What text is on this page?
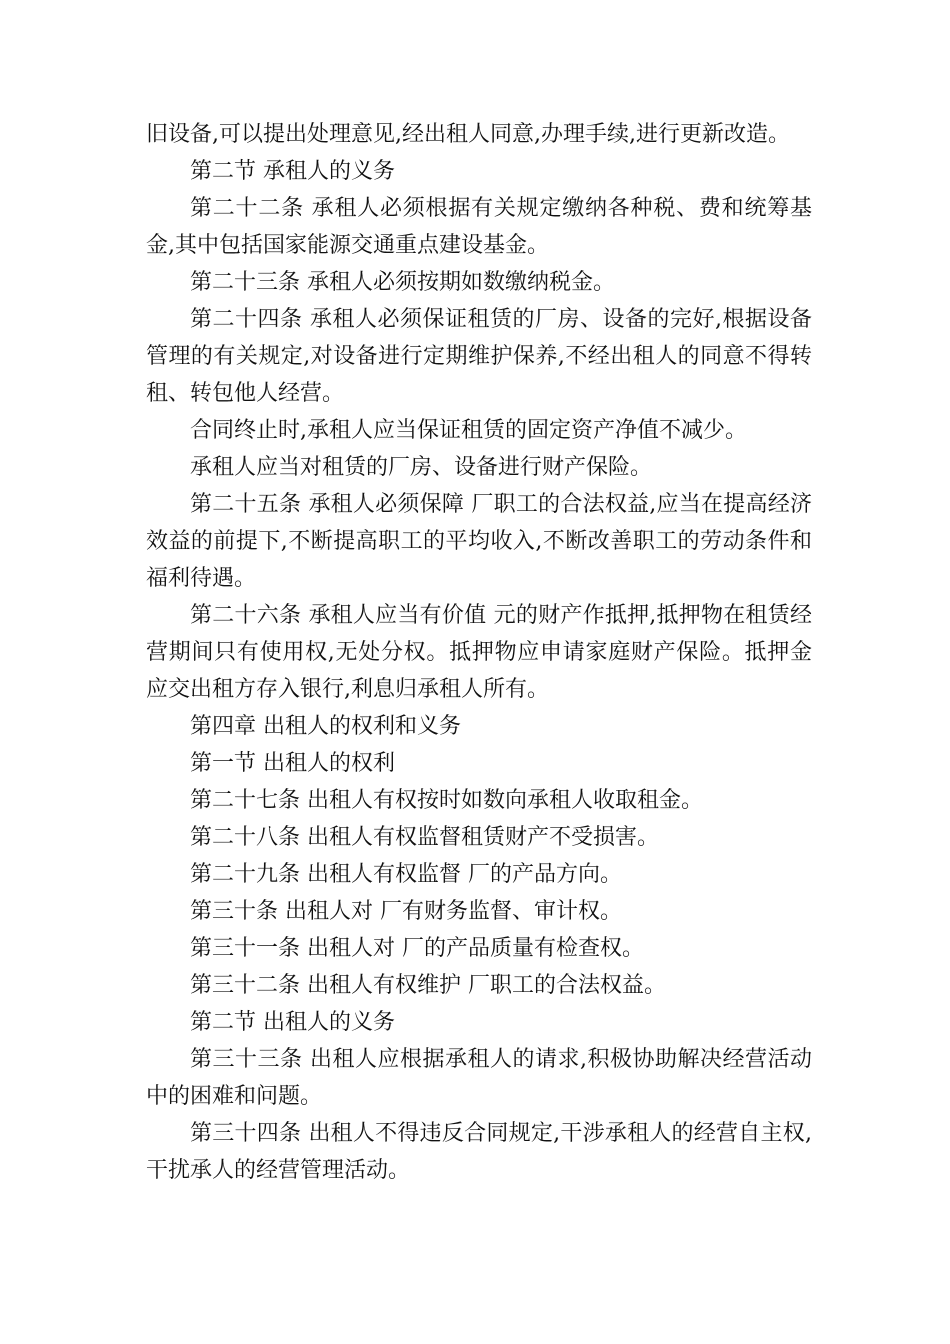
旧设备,可以提出处理意见,经出租人同意,办理手续,进行更新改造。

第二节 承租人的义务

第二十二条 承租人必须根据有关规定缴纳各种税、费和统筹基金,其中包括国家能源交通重点建设基金。

第二十三条 承租人必须按期如数缴纳税金。

第二十四条 承租人必须保证租赁的厂房、设备的完好,根据设备管理的有关规定,对设备进行定期维护保养,不经出租人的同意不得转租、转包他人经营。

合同终止时,承租人应当保证租赁的固定资产净值不减少。

承租人应当对租赁的厂房、设备进行财产保险。

第二十五条 承租人必须保障 厂职工的合法权益,应当在提高经济效益的前提下,不断提高职工的平均收入,不断改善职工的劳动条件和福利待遇。

第二十六条 承租人应当有价值 元的财产作抵押,抵押物在租赁经营期间只有使用权,无处分权。抵押物应申请家庭财产保险。抵押金应交出租方存入银行,利息归承租人所有。

第四章 出租人的权利和义务

第一节 出租人的权利

第二十七条 出租人有权按时如数向承租人收取租金。

第二十八条 出租人有权监督租赁财产不受损害。

第二十九条 出租人有权监督 厂的产品方向。

第三十条 出租人对 厂有财务监督、审计权。

第三十一条 出租人对 厂的产品质量有检查权。

第三十二条 出租人有权维护 厂职工的合法权益。

第二节 出租人的义务

第三十三条 出租人应根据承租人的请求,积极协助解决经营活动中的困难和问题。

第三十四条 出租人不得违反合同规定,干涉承租人的经营自主权,干扰承人的经营管理活动。
